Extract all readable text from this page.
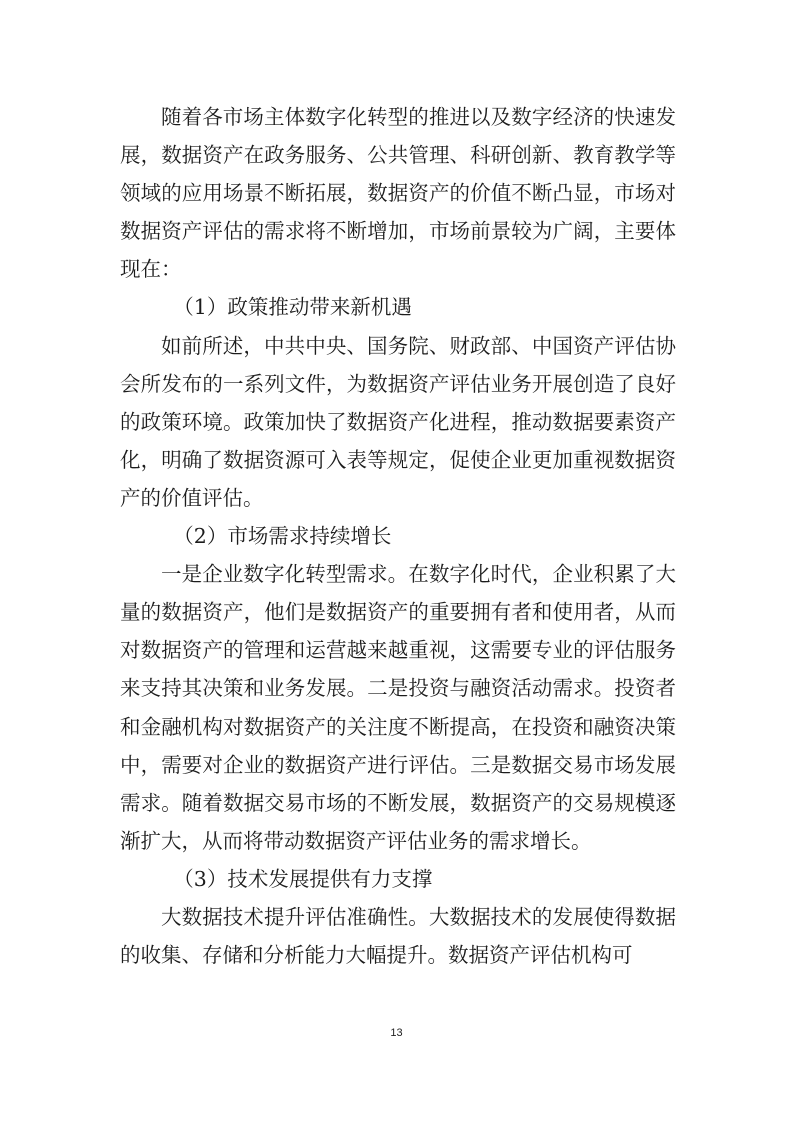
随着各市场主体数字化转型的推进以及数字经济的快速发展，数据资产在政务服务、公共管理、科研创新、教育教学等领域的应用场景不断拓展，数据资产的价值不断凸显，市场对数据资产评估的需求将不断增加，市场前景较为广阔，主要体现在：

（1）政策推动带来新机遇

如前所述，中共中央、国务院、财政部、中国资产评估协会所发布的一系列文件，为数据资产评估业务开展创造了良好的政策环境。政策加快了数据资产化进程，推动数据要素资产化，明确了数据资源可入表等规定，促使企业更加重视数据资产的价值评估。

（2）市场需求持续增长

一是企业数字化转型需求。在数字化时代，企业积累了大量的数据资产，他们是数据资产的重要拥有者和使用者，从而对数据资产的管理和运营越来越重视，这需要专业的评估服务来支持其决策和业务发展。二是投资与融资活动需求。投资者和金融机构对数据资产的关注度不断提高，在投资和融资决策中，需要对企业的数据资产进行评估。三是数据交易市场发展需求。随着数据交易市场的不断发展，数据资产的交易规模逐渐扩大，从而将带动数据资产评估业务的需求增长。

（3）技术发展提供有力支撑

大数据技术提升评估准确性。大数据技术的发展使得数据的收集、存储和分析能力大幅提升。数据资产评估机构可

13
